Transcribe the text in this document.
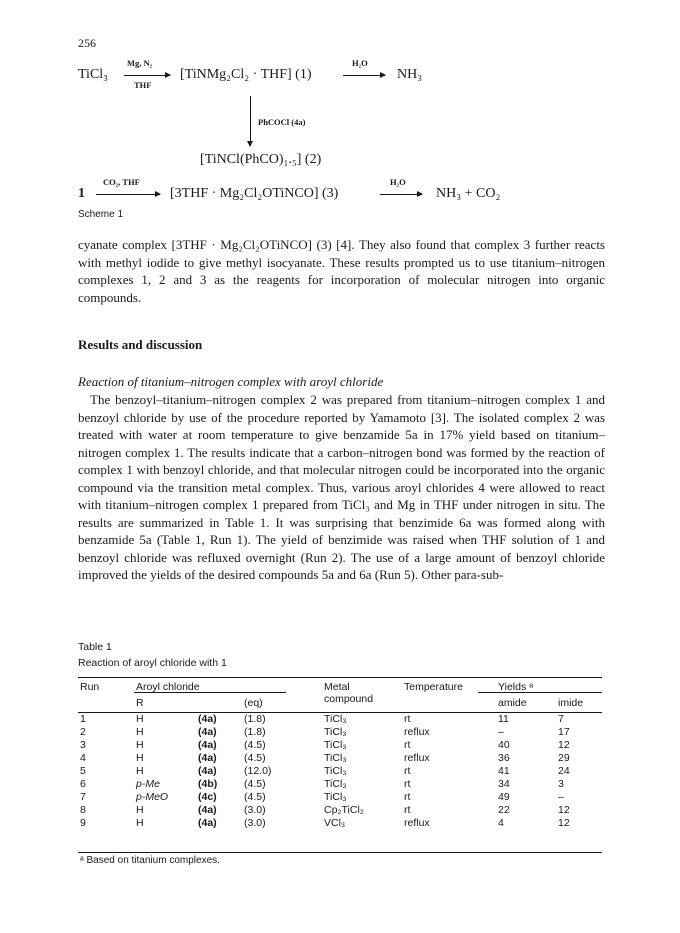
256
TiCl₃
Mg, N₂
THF
[TiNMg₂Cl₂ · THF] (1)
H₂O
NH₃
PhCOCl (4a)
[TiNCl(PhCO)₁.₅] (2)
1
CO₂, THF
[3THF · Mg₂Cl₂OTiNCO] (3)
H₂O
NH₃ + CO₂
Scheme 1

cyanate complex [3THF · Mg₂Cl₂OTiNCO] (3) [4]. They also found that complex 3 further reacts with methyl iodide to give methyl isocyanate. These results prompted us to use titanium–nitrogen complexes 1, 2 and 3 as the reagents for incorporation of molecular nitrogen into organic compounds.

Results and discussion
Reaction of titanium–nitrogen complex with aroyl chloride

The benzoyl–titanium–nitrogen complex 2 was prepared from titanium–nitrogen complex 1 and benzoyl chloride by use of the procedure reported by Yamamoto [3]. The isolated complex 2 was treated with water at room temperature to give benzamide 5a in 17% yield based on titanium–nitrogen complex 1. The results indicate that a carbon–nitrogen bond was formed by the reaction of complex 1 with benzoyl chloride, and that molecular nitrogen could be incorporated into the organic compound via the transition metal complex. Thus, various aroyl chlorides 4 were allowed to react with titanium–nitrogen complex 1 prepared from TiCl₃ and Mg in THF under nitrogen in situ. The results are summarized in Table 1. It was surprising that benzimide 6a was formed along with benzamide 5a (Table 1, Run 1). The yield of benzimide was raised when THF solution of 1 and benzoyl chloride was refluxed overnight (Run 2). The use of a large amount of benzoyl chloride improved the yields of the desired compounds 5a and 6a (Run 5). Other para-sub-

Table 1
Reaction of aroyl chloride with 1
Run	Aroyl chloride			Metal compound	Temperature	Yields ᵃ	
	R		(eq)			amide	imide
1	H	(4a)	(1.8)	TiCl₃	rt	11	7
2	H	(4a)	(1.8)	TiCl₃	reflux	–	17
3	H	(4a)	(4.5)	TiCl₃	rt	40	12
4	H	(4a)	(4.5)	TiCl₃	reflux	36	29
5	H	(4a)	(12.0)	TiCl₃	rt	41	24
6	p-Me	(4b)	(4.5)	TiCl₃	rt	34	3
7	p-MeO	(4c)	(4.5)	TiCl₃	rt	49	–
8	H	(4a)	(3.0)	Cp₂TiCl₂	rt	22	12
9	H	(4a)	(3.0)	VCl₃	reflux	4	12
ᵃ Based on titanium complexes.
